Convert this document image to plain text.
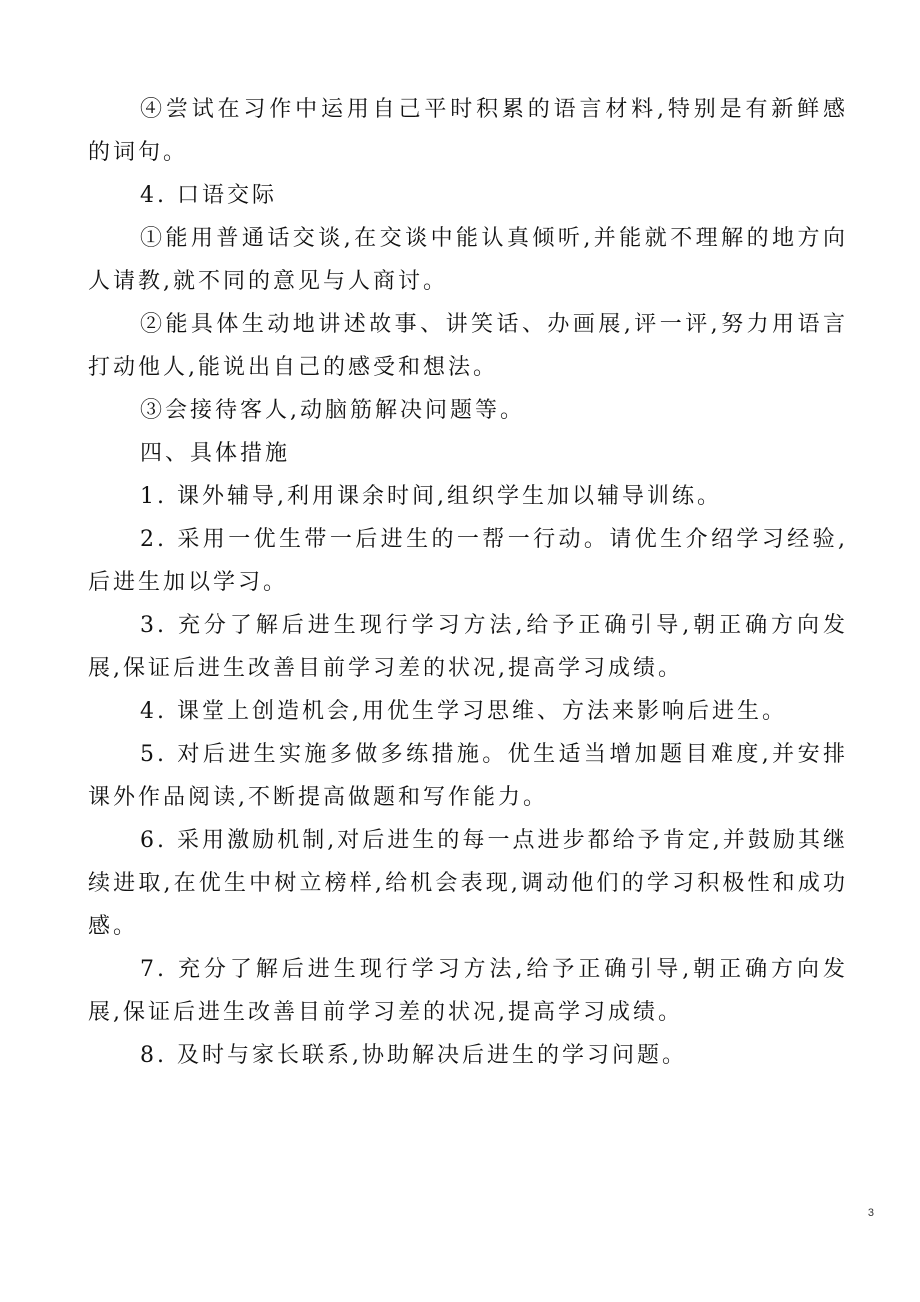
④尝试在习作中运用自己平时积累的语言材料,特别是有新鲜感的词句。

4. 口语交际

①能用普通话交谈,在交谈中能认真倾听,并能就不理解的地方向人请教,就不同的意见与人商讨。

②能具体生动地讲述故事、讲笑话、办画展,评一评,努力用语言打动他人,能说出自己的感受和想法。

③会接待客人,动脑筋解决问题等。

四、具体措施

1. 课外辅导,利用课余时间,组织学生加以辅导训练。

2. 采用一优生带一后进生的一帮一行动。请优生介绍学习经验,后进生加以学习。

3. 充分了解后进生现行学习方法,给予正确引导,朝正确方向发展,保证后进生改善目前学习差的状况,提高学习成绩。

4. 课堂上创造机会,用优生学习思维、方法来影响后进生。

5. 对后进生实施多做多练措施。优生适当增加题目难度,并安排课外作品阅读,不断提高做题和写作能力。

6. 采用激励机制,对后进生的每一点进步都给予肯定,并鼓励其继续进取,在优生中树立榜样,给机会表现,调动他们的学习积极性和成功感。

7. 充分了解后进生现行学习方法,给予正确引导,朝正确方向发展,保证后进生改善目前学习差的状况,提高学习成绩。

8. 及时与家长联系,协助解决后进生的学习问题。

3
